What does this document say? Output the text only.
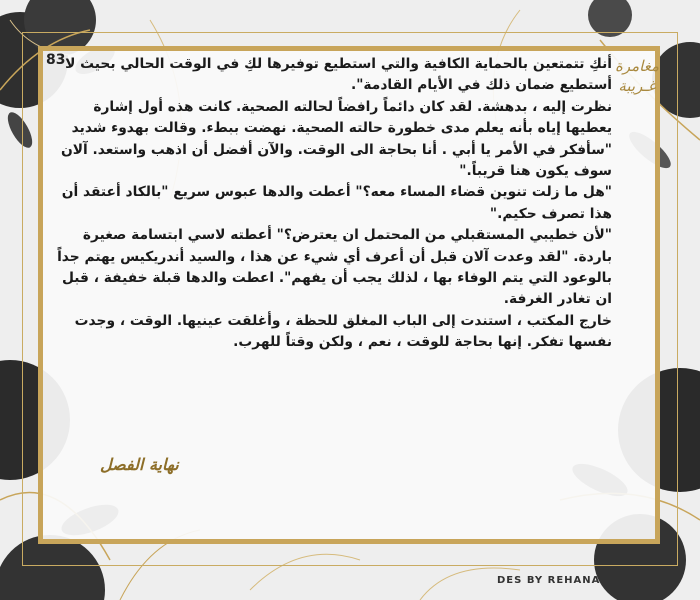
83	مغامرة
غـريبة

أنكِ تتمتعين بالحماية الكافية والتي استطيع توفيرها لكِ في الوقت الحالي بحيث لا أستطيع ضمان ذلك في الأيام القادمة".

نظرت إليه ، بدهشة. لقد كان دائماً رافضاً لحالته الصحية. كانت هذه أول إشارة يعطيها إياه بأنه يعلم مدى خطورة حالته الصحية. نهضت ببطء. وقالت بهدوء شديد "سأفكر في الأمر يا أبي . أنا بحاجة الى الوقت. والآن أفضل أن اذهب واستعد. آلان سوف يكون هنا قريباً."

"هل ما زلت تنوين قضاء المساء معه؟" أعطت والدها عبوس سريع "بالكاد أعتقد أن هذا تصرف حكيم."

"لأن خطيبي المستقبلي من المحتمل ان يعترض؟" أعطته لاسي ابتسامة صغيرة باردة. "لقد وعدت آلان قبل أن أعرف أي شيء عن هذا ، والسيد أندريكيس يهتم جداً بالوعود التي يتم الوفاء بها ، لذلك يجب أن يفهم". اعطت والدها قبلة خفيفة ، قبل ان تغادر الغرفة.

خارج المكتب ، استندت إلى الباب المغلق للحظة ، وأغلقت عينيها. الوقت ، وجدت نفسها تفكر. إنها بحاجة للوقت ، نعم ، ولكن وقتاً للهرب.

نهاية الفصل
DES BY REHANA
